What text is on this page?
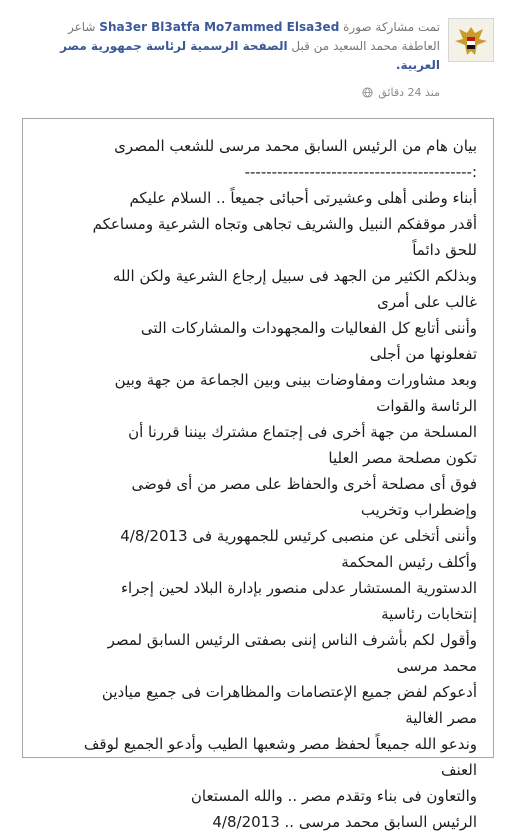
تمت مشاركة صورة Sha3er Bl3atfa Mo7ammed Elsa3ed شاعر العاطفة محمد السعيد من قبل الصفحة الرسمية لرئاسة جمهورية مصر العربية.
منذ 24 دقائق

بيان هام من الرئيس السابق محمد مرسى للشعب المصرى

:------------------------------------------

أبناء وطنى أهلى وعشيرتى أحبائى جميعاً .. السلام عليكم

أقدر موقفكم النبيل والشريف تجاهى وتجاه الشرعية ومساعكم

للحق دائماً

وبذلكم الكثير من الجهد فى سبيل إرجاع الشرعية ولكن الله

غالب على أمرى

وأننى أتابع كل الفعاليات والمجهودات والمشاركات التى

تفعلونها من أجلى

وبعد مشاورات ومفاوضات بينى وبين الجماعة من جهة وبين

الرئاسة والقوات

المسلحة من جهة أخرى فى إجتماع مشترك بيننا قررنا أن

تكون مصلحة مصر العليا

فوق أى مصلحة أخرى والحفاظ على مصر من أى فوضى

وإضطراب وتخريب

وأننى أتخلى عن منصبى كرئيس للجمهورية فى 4/8/2013

وأكلف رئيس المحكمة

الدستورية المستشار عدلى منصور بإدارة البلاد لحين إجراء

إنتخابات رئاسية

وأقول لكم بأشرف الناس إننى بصفتى الرئيس السابق لمصر

محمد مرسى

أدعوكم لفض جميع الإعتصامات والمظاهرات فى جميع ميادين

مصر الغالية

وندعو الله جميعاً لحفظ مصر وشعبها الطيب وأدعو الجميع لوقف

العنف

والتعاون فى بناء وتقدم مصر .. والله المستعان

الرئيس السابق محمد مرسى .. 4/8/2013
